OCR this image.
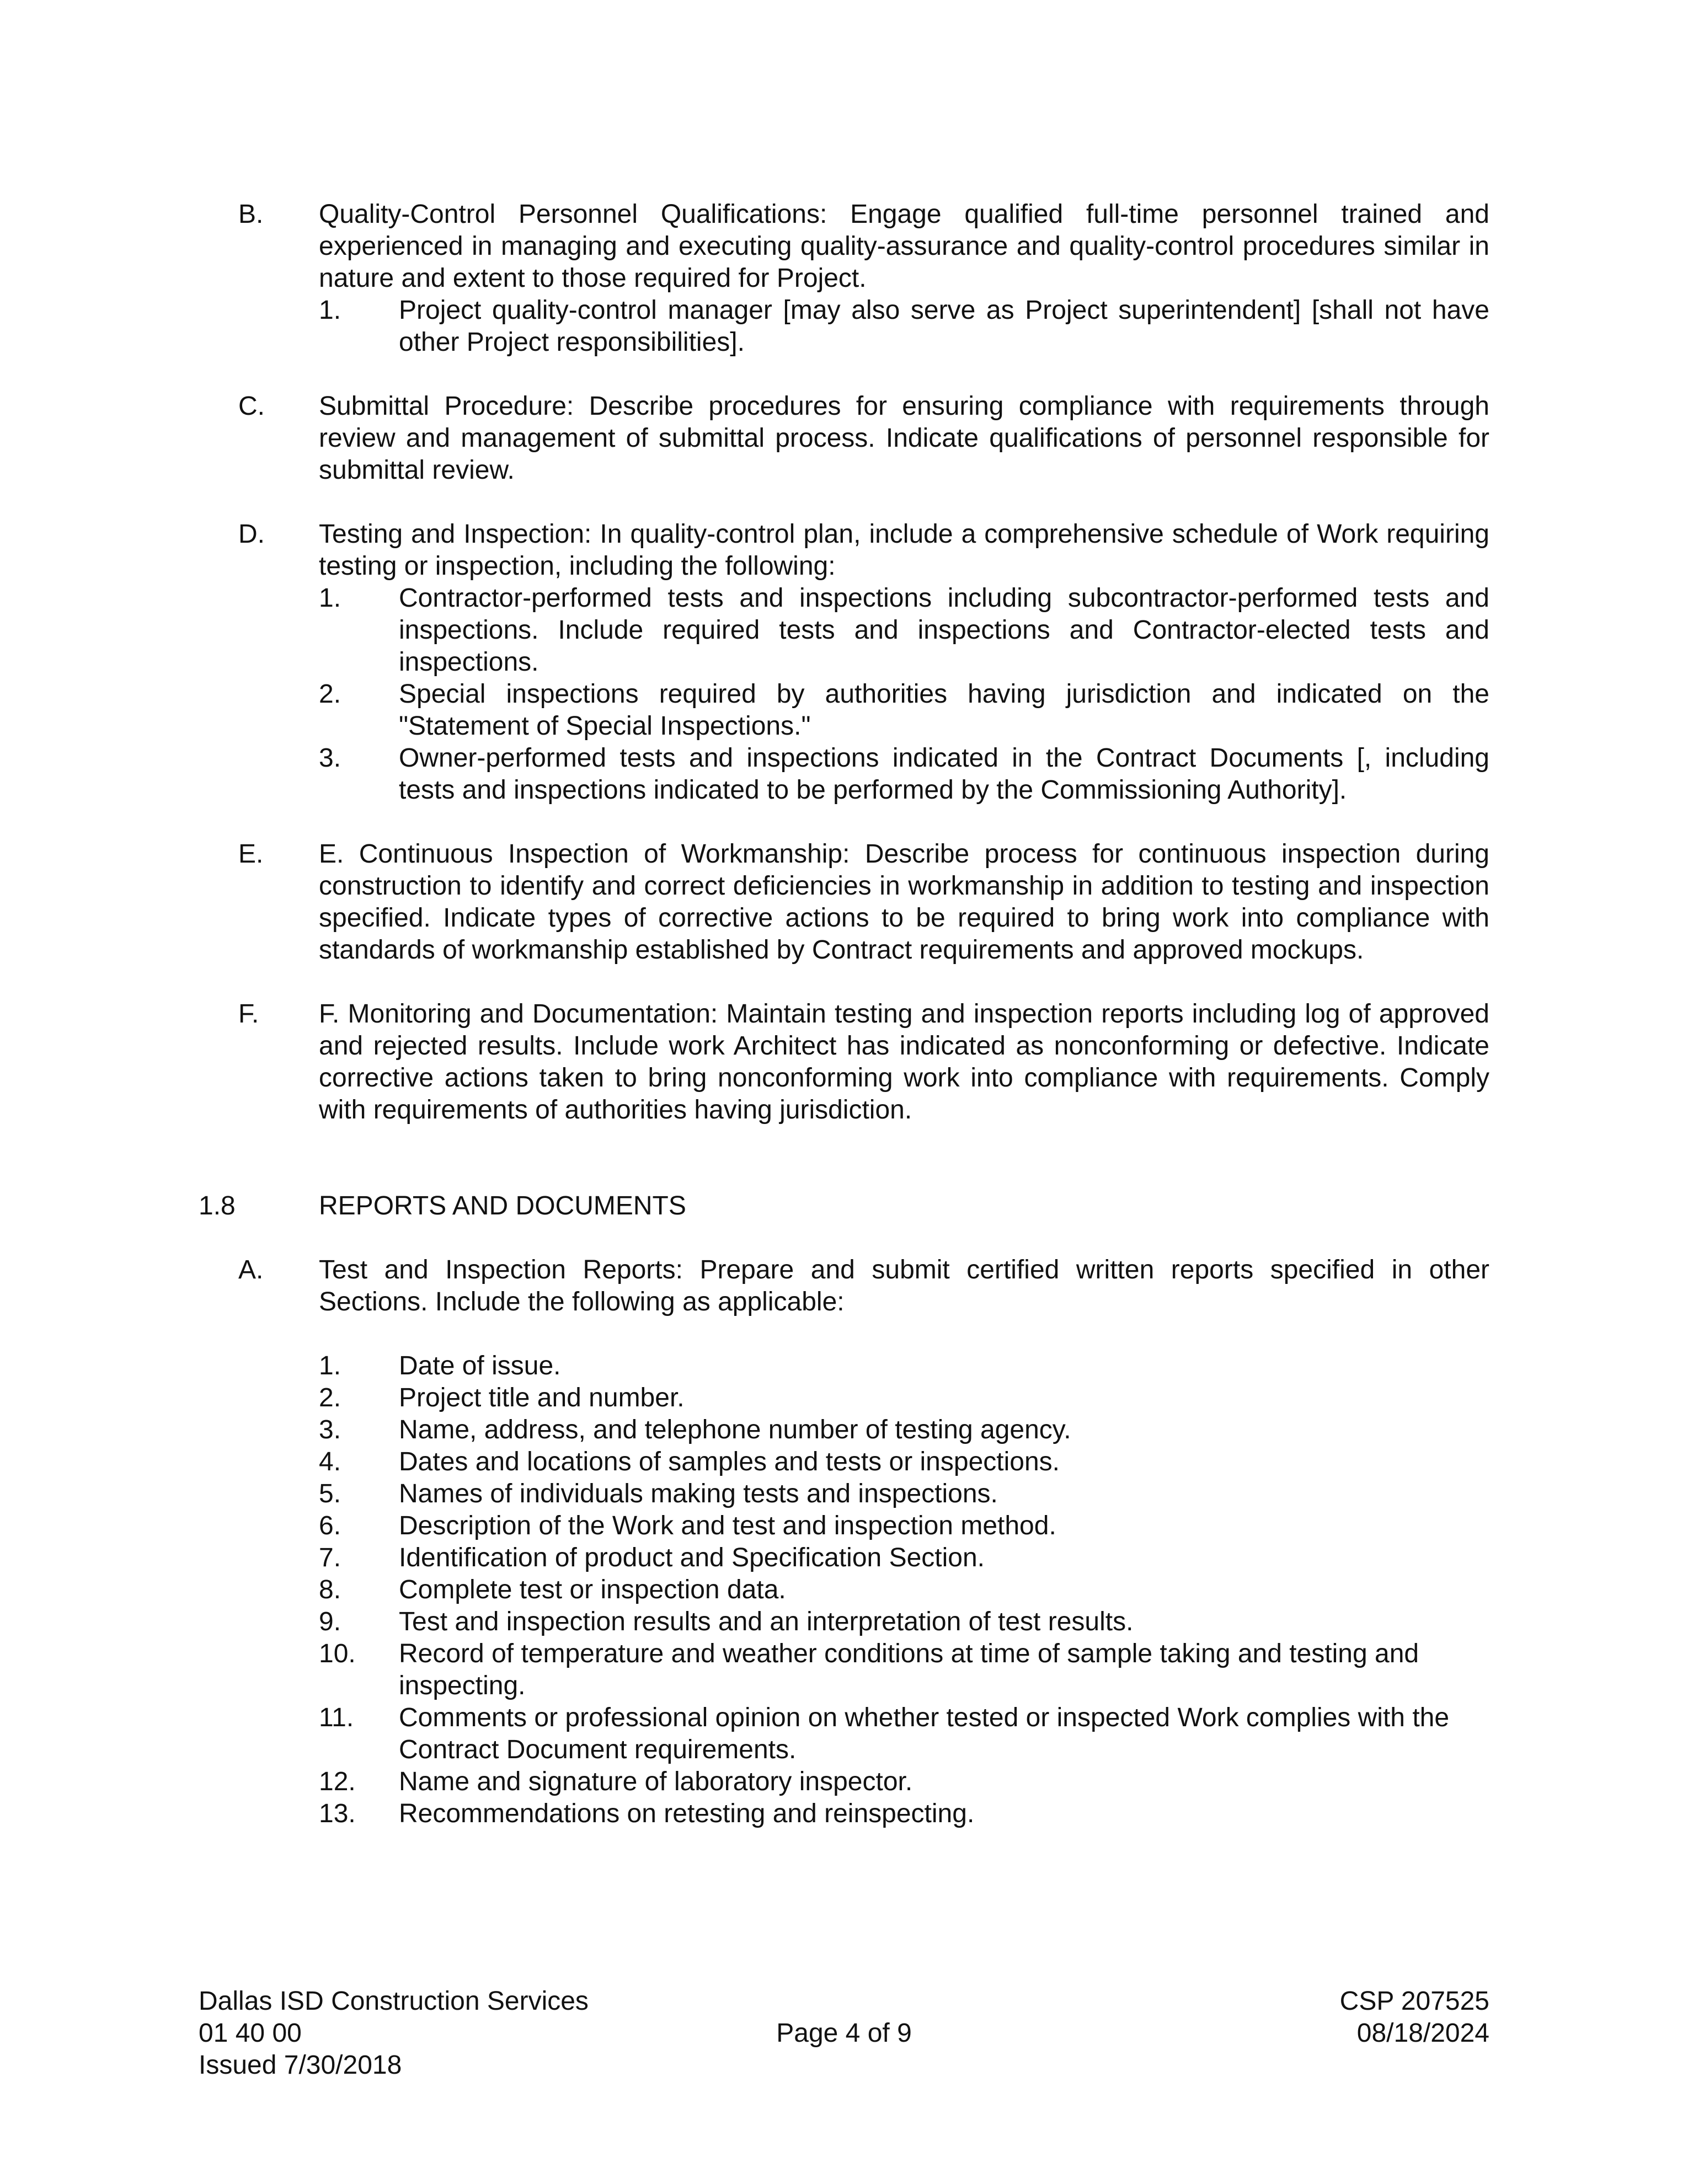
B. Quality-Control Personnel Qualifications: Engage qualified full-time personnel trained and experienced in managing and executing quality-assurance and quality-control procedures similar in nature and extent to those required for Project.
1. Project quality-control manager [may also serve as Project superintendent] [shall not have other Project responsibilities].
C. Submittal Procedure: Describe procedures for ensuring compliance with requirements through review and management of submittal process. Indicate qualifications of personnel responsible for submittal review.
D. Testing and Inspection: In quality-control plan, include a comprehensive schedule of Work requiring testing or inspection, including the following:
1. Contractor-performed tests and inspections including subcontractor-performed tests and inspections. Include required tests and inspections and Contractor-elected tests and inspections.
2. Special inspections required by authorities having jurisdiction and indicated on the "Statement of Special Inspections."
3. Owner-performed tests and inspections indicated in the Contract Documents [, including tests and inspections indicated to be performed by the Commissioning Authority].
E. E. Continuous Inspection of Workmanship: Describe process for continuous inspection during construction to identify and correct deficiencies in workmanship in addition to testing and inspection specified. Indicate types of corrective actions to be required to bring work into compliance with standards of workmanship established by Contract requirements and approved mockups.
F. F. Monitoring and Documentation: Maintain testing and inspection reports including log of approved and rejected results. Include work Architect has indicated as nonconforming or defective. Indicate corrective actions taken to bring nonconforming work into compliance with requirements. Comply with requirements of authorities having jurisdiction.
1.8	REPORTS AND DOCUMENTS
A. Test and Inspection Reports: Prepare and submit certified written reports specified in other Sections. Include the following as applicable:
1. Date of issue.
2. Project title and number.
3. Name, address, and telephone number of testing agency.
4. Dates and locations of samples and tests or inspections.
5. Names of individuals making tests and inspections.
6. Description of the Work and test and inspection method.
7. Identification of product and Specification Section.
8. Complete test or inspection data.
9. Test and inspection results and an interpretation of test results.
10. Record of temperature and weather conditions at time of sample taking and testing and inspecting.
11. Comments or professional opinion on whether tested or inspected Work complies with the Contract Document requirements.
12. Name and signature of laboratory inspector.
13. Recommendations on retesting and reinspecting.
Dallas ISD Construction Services
01 40 00
Issued 7/30/2018
Page 4 of 9
CSP 207525
08/18/2024
